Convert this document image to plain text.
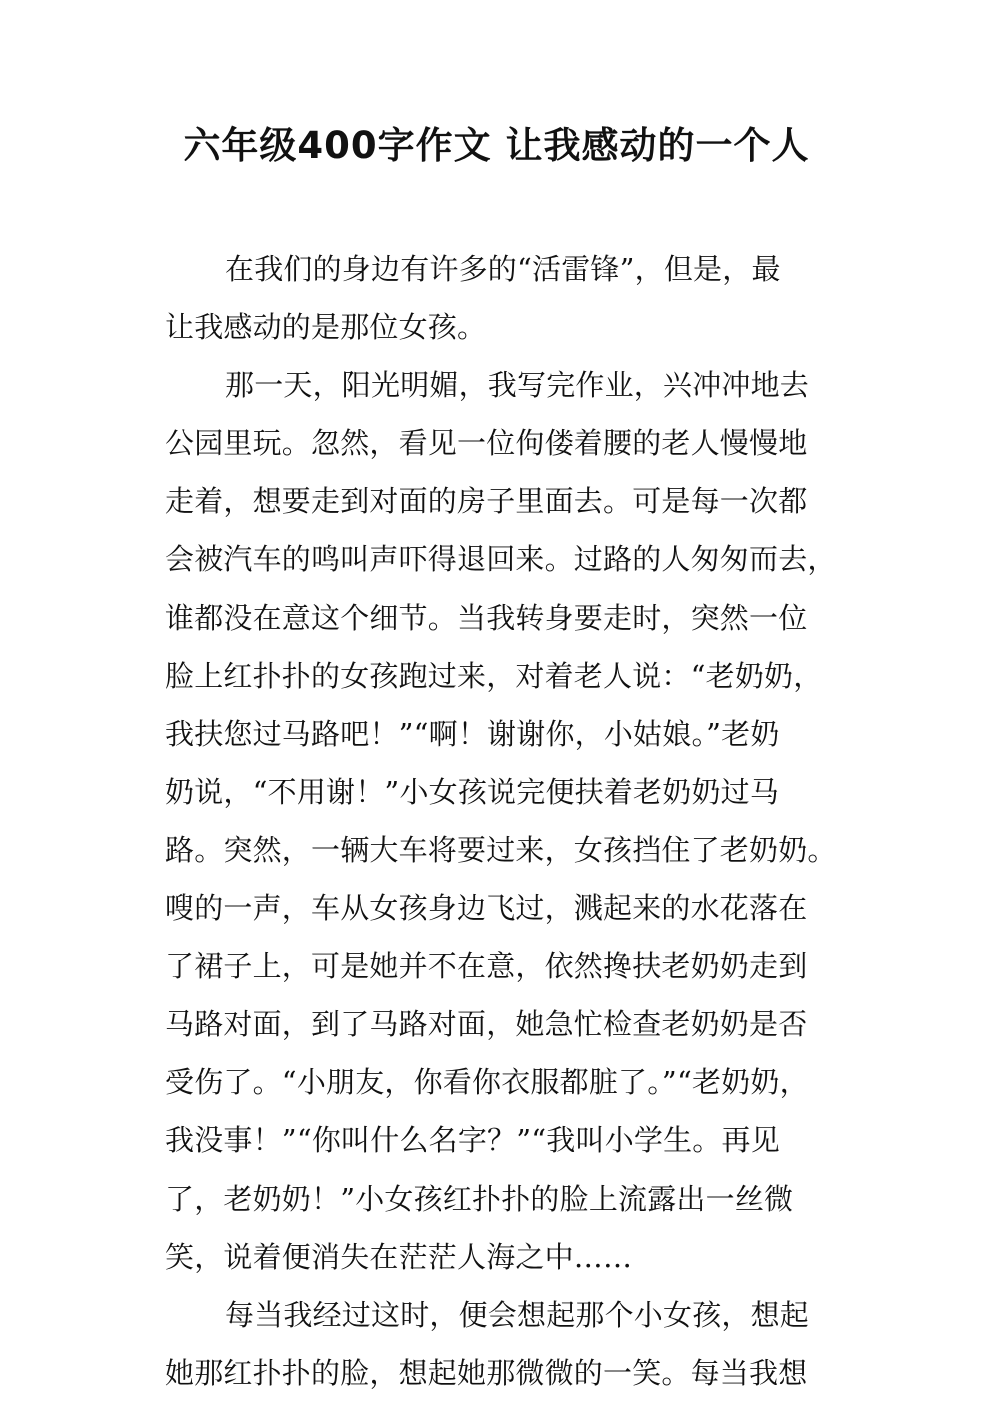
六年级400字作文 让我感动的一个人
在我们的身边有许多的“活雷锋”，但是，最
让我感动的是那位女孩。
那一天，阳光明媚，我写完作业，兴冲冲地去
公园里玩。忽然，看见一位佝偻着腰的老人慢慢地
走着，想要走到对面的房子里面去。可是每一次都
会被汽车的鸣叫声吓得退回来。过路的人匆匆而去，
谁都没在意这个细节。当我转身要走时，突然一位
脸上红扑扑的女孩跑过来，对着老人说：“老奶奶，
我扶您过马路吧！”“啊！谢谢你，小姑娘。”老奶
奶说，“不用谢！”小女孩说完便扶着老奶奶过马
路。突然，一辆大车将要过来，女孩挡住了老奶奶。
嗖的一声，车从女孩身边飞过，溅起来的水花落在
了裙子上，可是她并不在意，依然搀扶老奶奶走到
马路对面，到了马路对面，她急忙检查老奶奶是否
受伤了。“小朋友，你看你衣服都脏了。”“老奶奶，
我没事！”“你叫什么名字？”“我叫小学生。再见
了，老奶奶！”小女孩红扑扑的脸上流露出一丝微
笑，说着便消失在茫茫人海之中……
每当我经过这时，便会想起那个小女孩，想起
她那红扑扑的脸，想起她那微微的一笑。每当我想
